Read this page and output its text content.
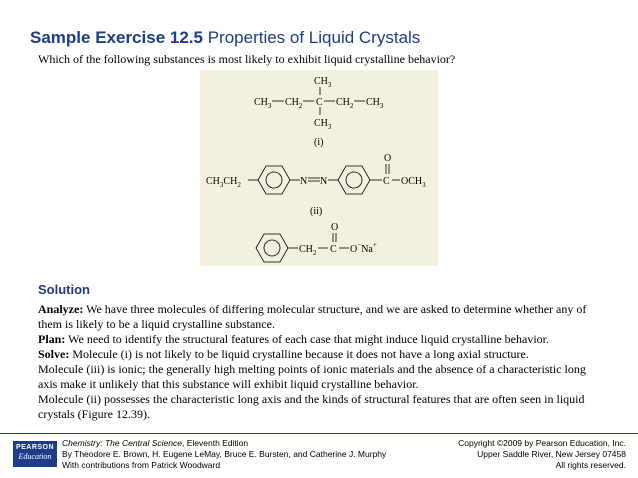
Sample Exercise 12.5 Properties of Liquid Crystals
Which of the following substances is most likely to exhibit liquid crystalline behavior?
$CH_3$
$CH_3$ $CH_2$ C $CH_2$ $CH_3$
$CH_3$
(i)
$CH_3CH_2$	N N	C
O
$OCH_3$
(ii)
$CH_2$ C
O
O−Na+
Solution

Analyze: We have three molecules of differing molecular structure, and we are asked to determine whether any of them is likely to be a liquid crystalline substance.
Plan: We need to identify the structural features of each case that might induce liquid crystalline behavior.
Solve: Molecule (i) is not likely to be liquid crystalline because it does not have a long axial structure.

Molecule (iii) is ionic; the generally high melting points of ionic materials and the absence of a characteristic long axis make it unlikely that this substance will exhibit liquid crystalline behavior.

Molecule (ii) possesses the characteristic long axis and the kinds of structural features that are often seen in liquid crystals (Figure 12.39).

PEARSON
Education
Chemistry: The Central Science, Eleventh Edition
By Theodore E. Brown, H. Eugene LeMay, Bruce E. Bursten, and Catherine J. Murphy
With contributions from Patrick Woodward
Copyright ©2009 by Pearson Education, Inc.
Upper Saddle River, New Jersey 07458
All rights reserved.
